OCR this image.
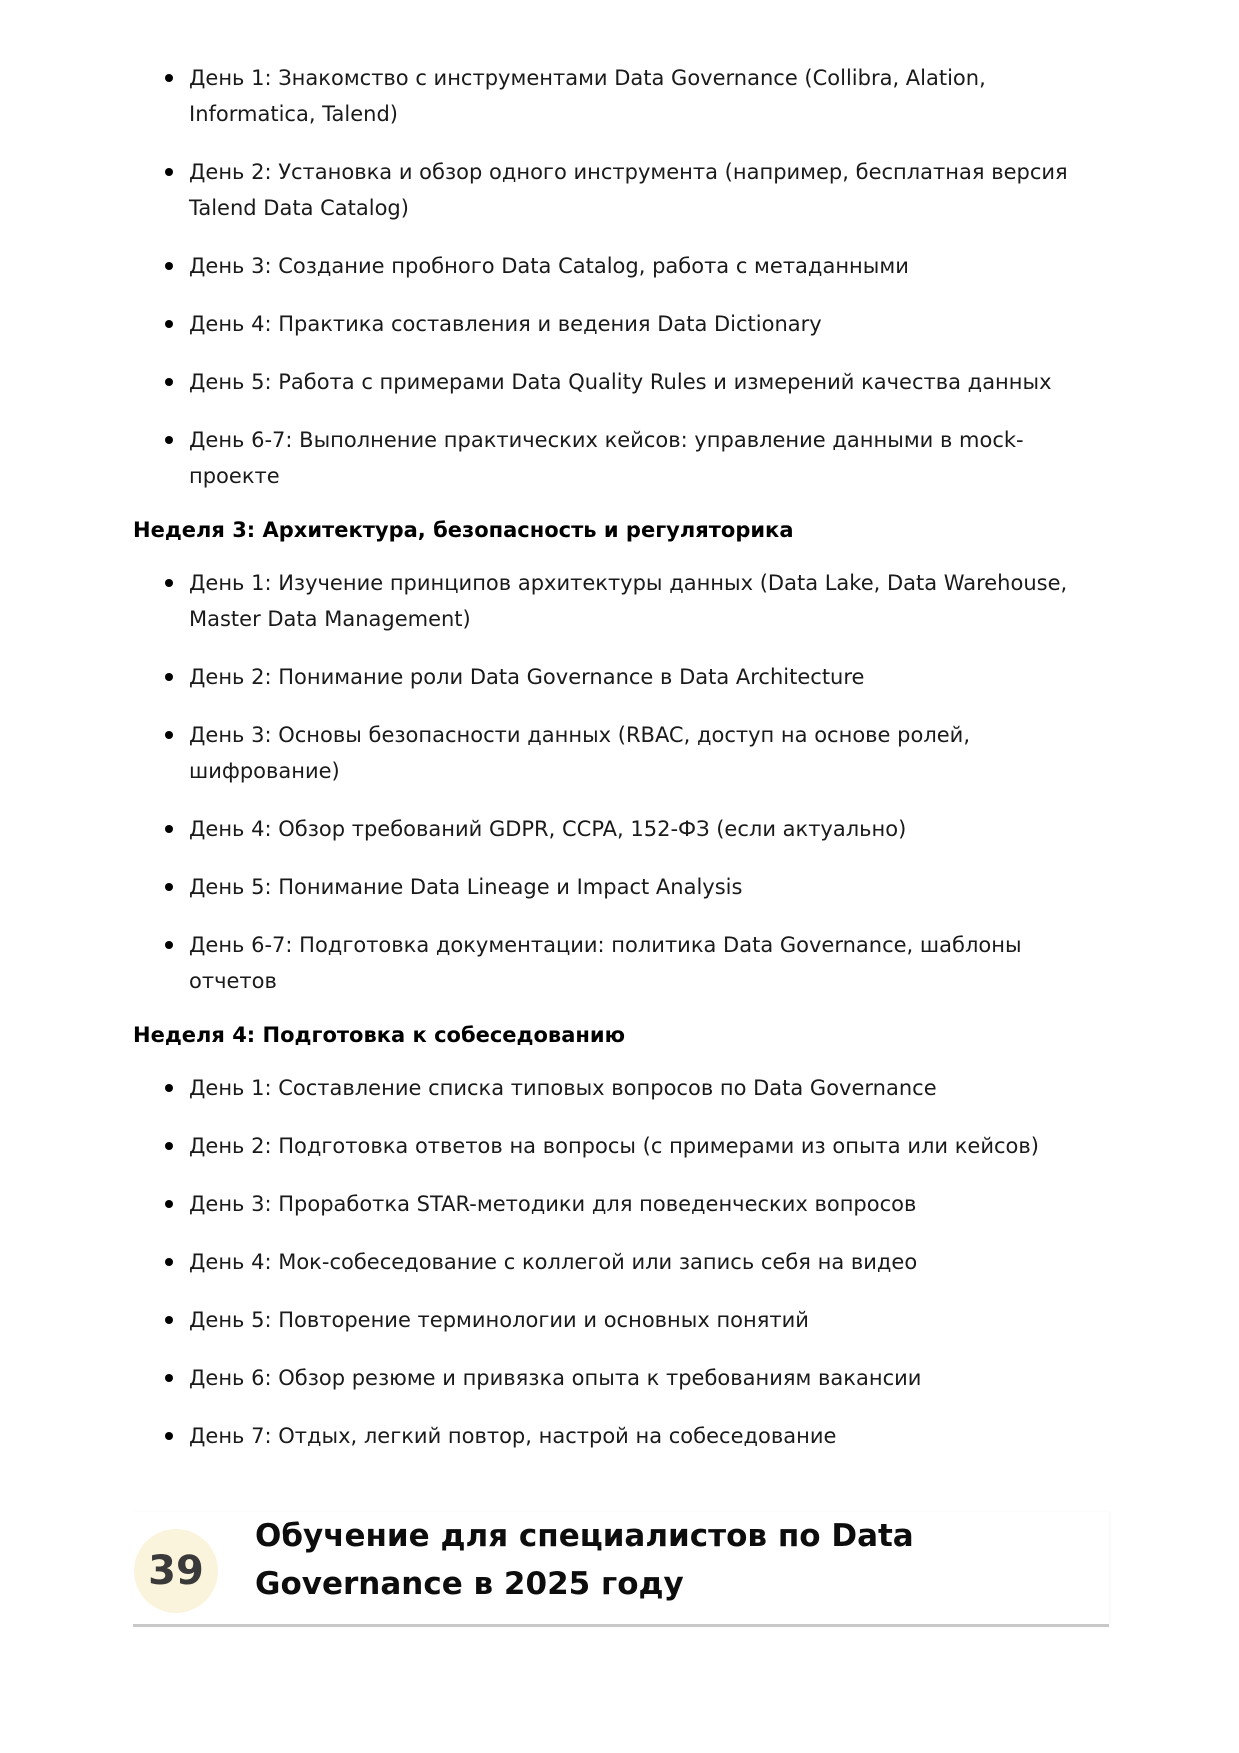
День 1: Знакомство с инструментами Data Governance (Collibra, Alation, Informatica, Talend)
День 2: Установка и обзор одного инструмента (например, бесплатная версия Talend Data Catalog)
День 3: Создание пробного Data Catalog, работа с метаданными
День 4: Практика составления и ведения Data Dictionary
День 5: Работа с примерами Data Quality Rules и измерений качества данных
День 6-7: Выполнение практических кейсов: управление данными в mock-проекте
Неделя 3: Архитектура, безопасность и регуляторика
День 1: Изучение принципов архитектуры данных (Data Lake, Data Warehouse, Master Data Management)
День 2: Понимание роли Data Governance в Data Architecture
День 3: Основы безопасности данных (RBAC, доступ на основе ролей, шифрование)
День 4: Обзор требований GDPR, CCPA, 152-ФЗ (если актуально)
День 5: Понимание Data Lineage и Impact Analysis
День 6-7: Подготовка документации: политика Data Governance, шаблоны отчетов
Неделя 4: Подготовка к собеседованию
День 1: Составление списка типовых вопросов по Data Governance
День 2: Подготовка ответов на вопросы (с примерами из опыта или кейсов)
День 3: Проработка STAR-методики для поведенческих вопросов
День 4: Мок-собеседование с коллегой или запись себя на видео
День 5: Повторение терминологии и основных понятий
День 6: Обзор резюме и привязка опыта к требованиям вакансии
День 7: Отдых, легкий повтор, настрой на собеседование
39
Обучение для специалистов по Data Governance в 2025 году
